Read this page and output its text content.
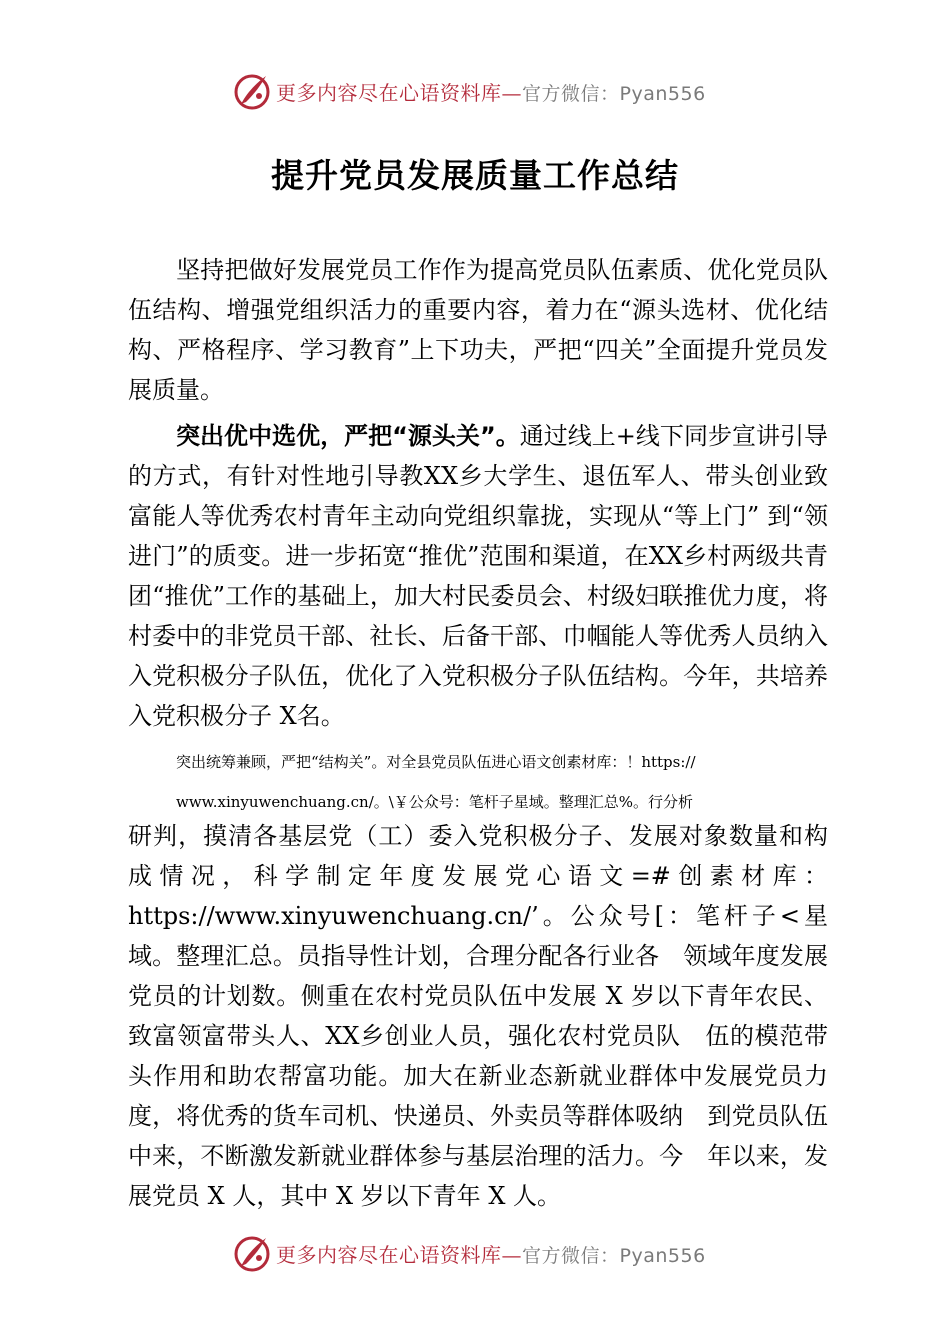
更多内容尽在心语资料库—官方微信：Pyan556
提升党员发展质量工作总结

坚持把做好发展党员工作作为提高党员队伍素质、优化党员队伍结构、增强党组织活力的重要内容，着力在“源头选材、优化结构、严格程序、学习教育”上下功夫，严把“四关”全面提升党员发展质量。

突出优中选优，严把“源头关”。通过线上+线下同步宣讲引导的方式，有针对性地引导教XX乡大学生、退伍军人、带头创业致富能人等优秀农村青年主动向党组织靠拢，实现从“等上门” 到“领进门”的质变。进一步拓宽“推优”范围和渠道，在XX乡村两级共青团“推优”工作的基础上，加大村民委员会、村级妇联推优力度，将村委中的非党员干部、社长、后备干部、巾帼能人等优秀人员纳入入党积极分子队伍，优化了入党积极分子队伍结构。今年，共培养入党积极分子 X名。

突出统筹兼顾，严把“结构关”。对全县党员队伍进心语文创素材库：！https://
www.xinyuwenchuang.cn/。\￥公众号：笔杆子星域。整理汇总%。行分析

研判，摸清各基层党（工）委入党积极分子、发展对象数量和构　成情况，科学制定年度发展党心语文=#创素材库：https://www.xinyuwenchuang.cn/’。公众号[：笔杆子<星域。整理汇总。员指导性计划，合理分配各行业各　领域年度发展党员的计划数。侧重在农村党员队伍中发展 X 岁以下青年农民、致富领富带头人、XX乡创业人员，强化农村党员队　伍的模范带头作用和助农帮富功能。加大在新业态新就业群体中发展党员力度，将优秀的货车司机、快递员、外卖员等群体吸纳　到党员队伍中来，不断激发新就业群体参与基层治理的活力。今　年以来，发展党员 X 人，其中 X 岁以下青年 X 人。

更多内容尽在心语资料库—官方微信：Pyan556
